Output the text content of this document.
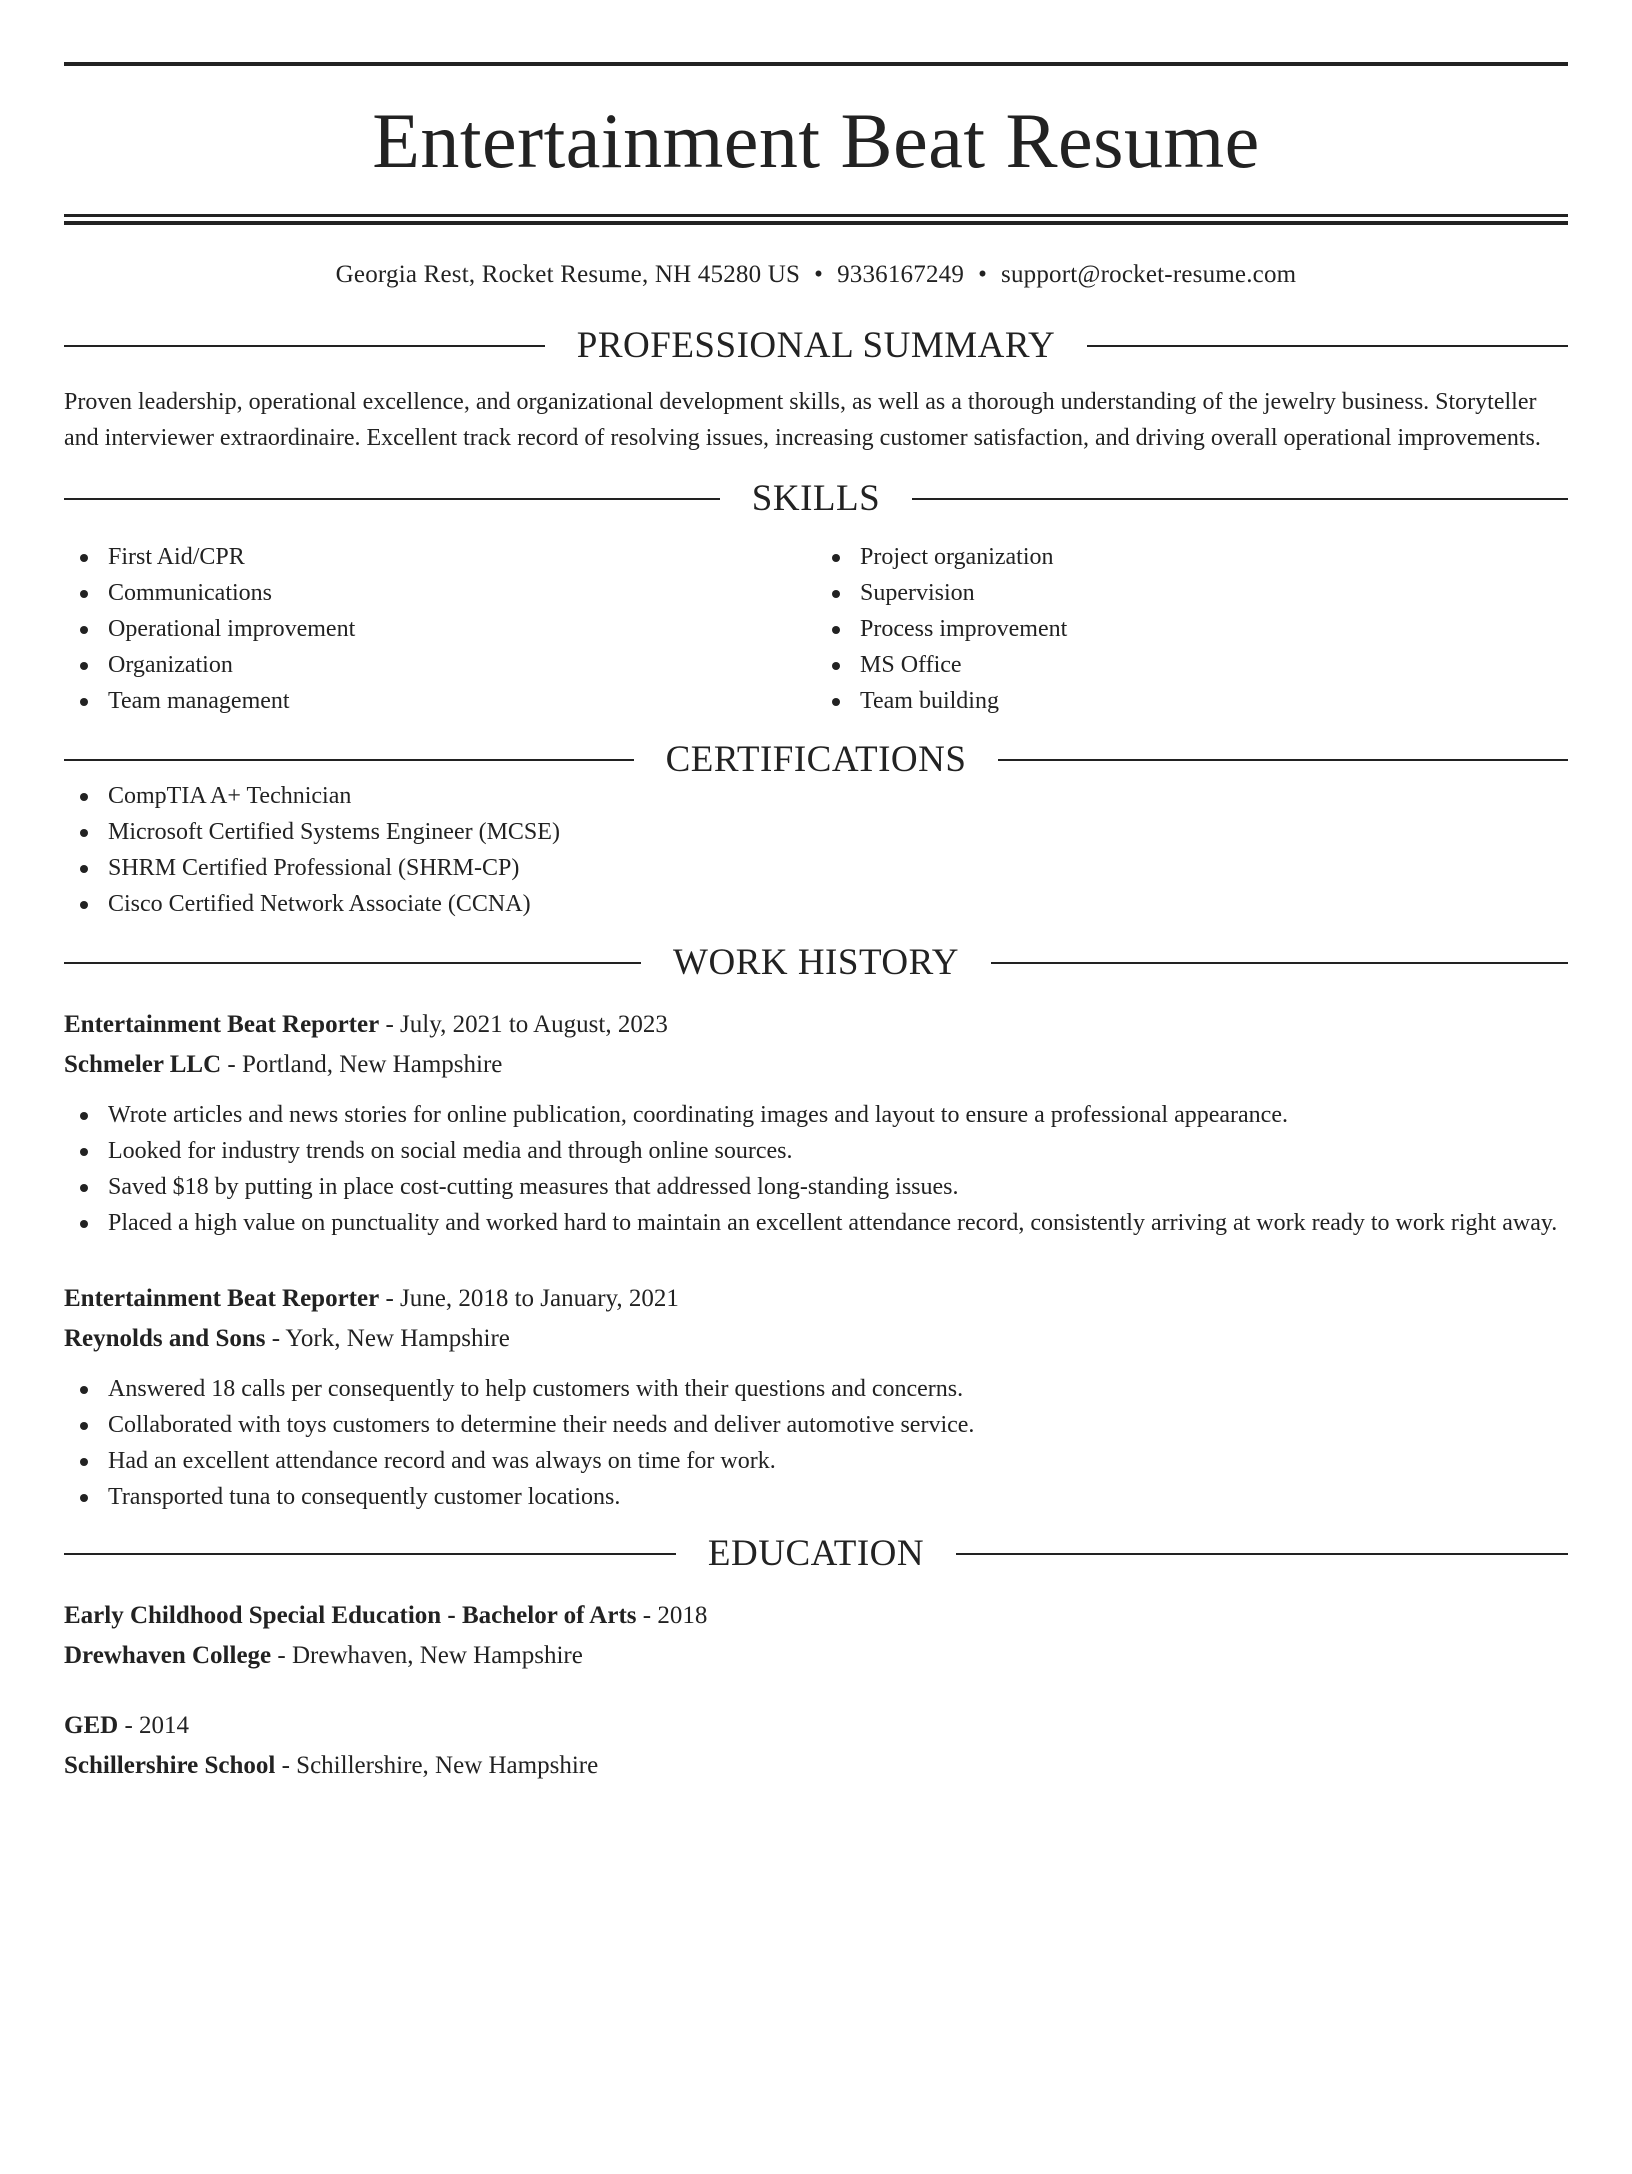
Entertainment Beat Resume
Georgia Rest, Rocket Resume, NH 45280 US • 9336167249 • support@rocket-resume.com
PROFESSIONAL SUMMARY

Proven leadership, operational excellence, and organizational development skills, as well as a thorough understanding of the jewelry business. Storyteller and interviewer extraordinaire. Excellent track record of resolving issues, increasing customer satisfaction, and driving overall operational improvements.

SKILLS
First Aid/CPR
Communications
Operational improvement
Organization
Team management
Project organization
Supervision
Process improvement
MS Office
Team building
CERTIFICATIONS
CompTIA A+ Technician
Microsoft Certified Systems Engineer (MCSE)
SHRM Certified Professional (SHRM-CP)
Cisco Certified Network Associate (CCNA)
WORK HISTORY
Entertainment Beat Reporter - July, 2021 to August, 2023
Schmeler LLC - Portland, New Hampshire
Wrote articles and news stories for online publication, coordinating images and layout to ensure a professional appearance.
Looked for industry trends on social media and through online sources.
Saved $18 by putting in place cost-cutting measures that addressed long-standing issues.
Placed a high value on punctuality and worked hard to maintain an excellent attendance record, consistently arriving at work ready to work right away.
Entertainment Beat Reporter - June, 2018 to January, 2021
Reynolds and Sons - York, New Hampshire
Answered 18 calls per consequently to help customers with their questions and concerns.
Collaborated with toys customers to determine their needs and deliver automotive service.
Had an excellent attendance record and was always on time for work.
Transported tuna to consequently customer locations.
EDUCATION
Early Childhood Special Education - Bachelor of Arts - 2018
Drewhaven College - Drewhaven, New Hampshire
GED - 2014
Schillershire School - Schillershire, New Hampshire
